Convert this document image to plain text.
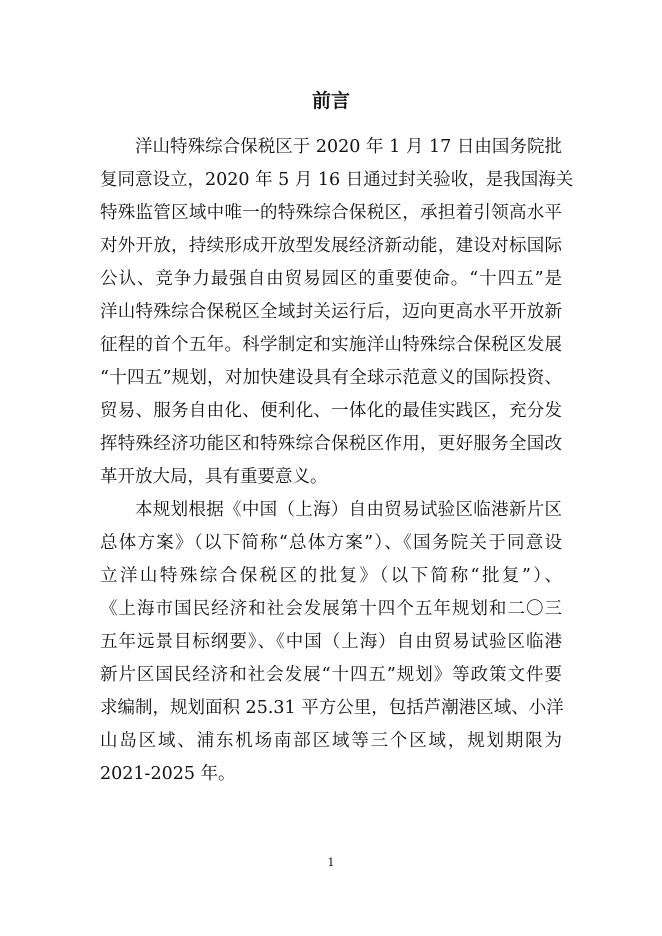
前言
洋山特殊综合保税区于 2020 年 1 月 17 日由国务院批
复同意设立，2020 年 5 月 16 日通过封关验收，是我国海关
特殊监管区域中唯一的特殊综合保税区，承担着引领高水平
对外开放，持续形成开放型发展经济新动能，建设对标国际
公认、竞争力最强自由贸易园区的重要使命。“十四五”是
洋山特殊综合保税区全域封关运行后，迈向更高水平开放新
征程的首个五年。科学制定和实施洋山特殊综合保税区发展
“十四五”规划，对加快建设具有全球示范意义的国际投资、
贸易、服务自由化、便利化、一体化的最佳实践区，充分发
挥特殊经济功能区和特殊综合保税区作用，更好服务全国改
革开放大局，具有重要意义。
本规划根据《中国（上海）自由贸易试验区临港新片区
总体方案》（以下简称“总体方案”）、《国务院关于同意设
立洋山特殊综合保税区的批复》（以下简称“批复”）、
《上海市国民经济和社会发展第十四个五年规划和二〇三
五年远景目标纲要》、《中国（上海）自由贸易试验区临港
新片区国民经济和社会发展“十四五”规划》等政策文件要
求编制，规划面积 25.31 平方公里，包括芦潮港区域、小洋
山岛区域、浦东机场南部区域等三个区域，规划期限为
2021-2025 年。
1
